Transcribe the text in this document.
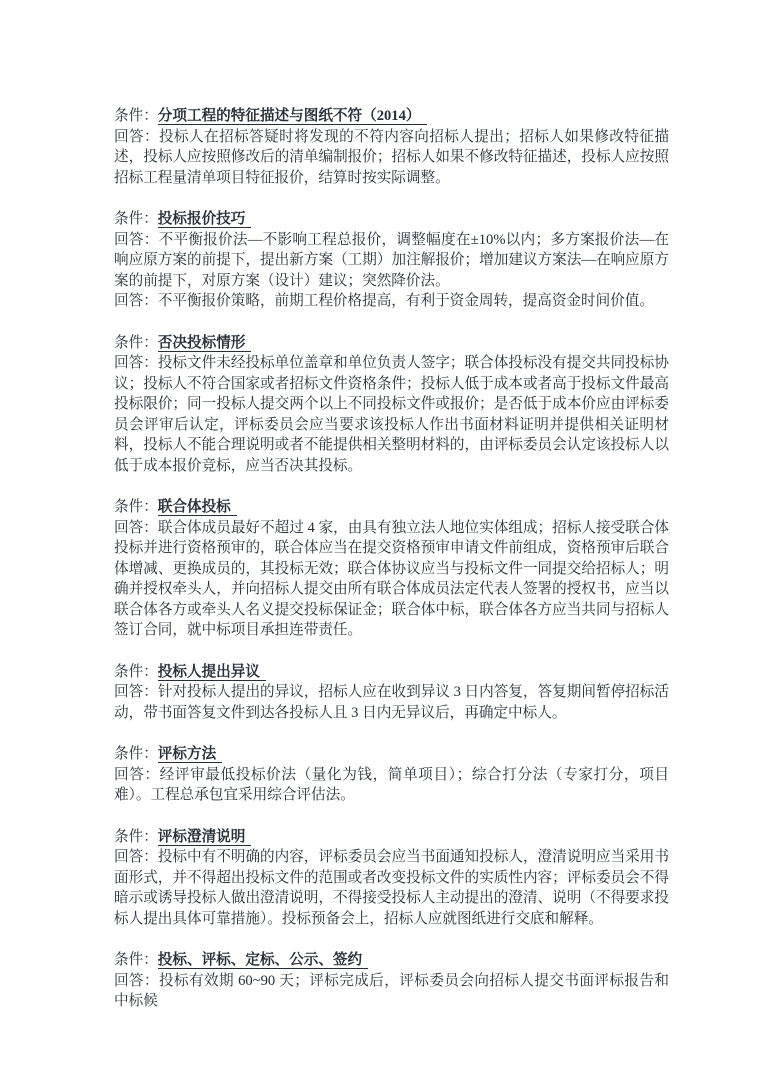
条件：分项工程的特征描述与图纸不符（2014）

回答：投标人在招标答疑时将发现的不符内容向招标人提出；招标人如果修改特征描述，投标人应按照修改后的清单编制报价；招标人如果不修改特征描述，投标人应按照招标工程量清单项目特征报价，结算时按实际调整。

条件：投标报价技巧

回答：不平衡报价法—不影响工程总报价，调整幅度在±10%以内；多方案报价法—在响应原方案的前提下，提出新方案（工期）加注解报价；增加建议方案法—在响应原方案的前提下，对原方案（设计）建议；突然降价法。

回答：不平衡报价策略，前期工程价格提高，有利于资金周转，提高资金时间价值。

条件：否决投标情形

回答：投标文件未经投标单位盖章和单位负责人签字；联合体投标没有提交共同投标协议；投标人不符合国家或者招标文件资格条件；投标人低于成本或者高于投标文件最高投标限价；同一投标人提交两个以上不同投标文件或报价；是否低于成本价应由评标委员会评审后认定，评标委员会应当要求该投标人作出书面材料证明并提供相关证明材料，投标人不能合理说明或者不能提供相关整明材料的，由评标委员会认定该投标人以低于成本报价竞标，应当否决其投标。

条件：联合体投标

回答：联合体成员最好不超过 4 家，由具有独立法人地位实体组成；招标人接受联合体投标并进行资格预审的，联合体应当在提交资格预审申请文件前组成，资格预审后联合体增减、更换成员的，其投标无效；联合体协议应当与投标文件一同提交给招标人；明确并授权牵头人，并向招标人提交由所有联合体成员法定代表人签署的授权书，应当以联合体各方或牵头人名义提交投标保证金；联合体中标，联合体各方应当共同与招标人签订合同，就中标项目承担连带责任。

条件：投标人提出异议

回答：针对投标人提出的异议，招标人应在收到异议 3 日内答复，答复期间暂停招标活动，带书面答复文件到达各投标人且 3 日内无异议后，再确定中标人。

条件：评标方法

回答：经评审最低投标价法（量化为钱，简单项目）；综合打分法（专家打分，项目难）。工程总承包宜采用综合评估法。

条件：评标澄清说明

回答：投标中有不明确的内容，评标委员会应当书面通知投标人，澄清说明应当采用书面形式，并不得超出投标文件的范围或者改变投标文件的实质性内容；评标委员会不得暗示或诱导投标人做出澄清说明，不得接受投标人主动提出的澄清、说明（不得要求投标人提出具体可靠措施）。投标预备会上，招标人应就图纸进行交底和解释。

条件：投标、评标、定标、公示、签约

回答：投标有效期 60~90 天；评标完成后，评标委员会向招标人提交书面评标报告和中标候
